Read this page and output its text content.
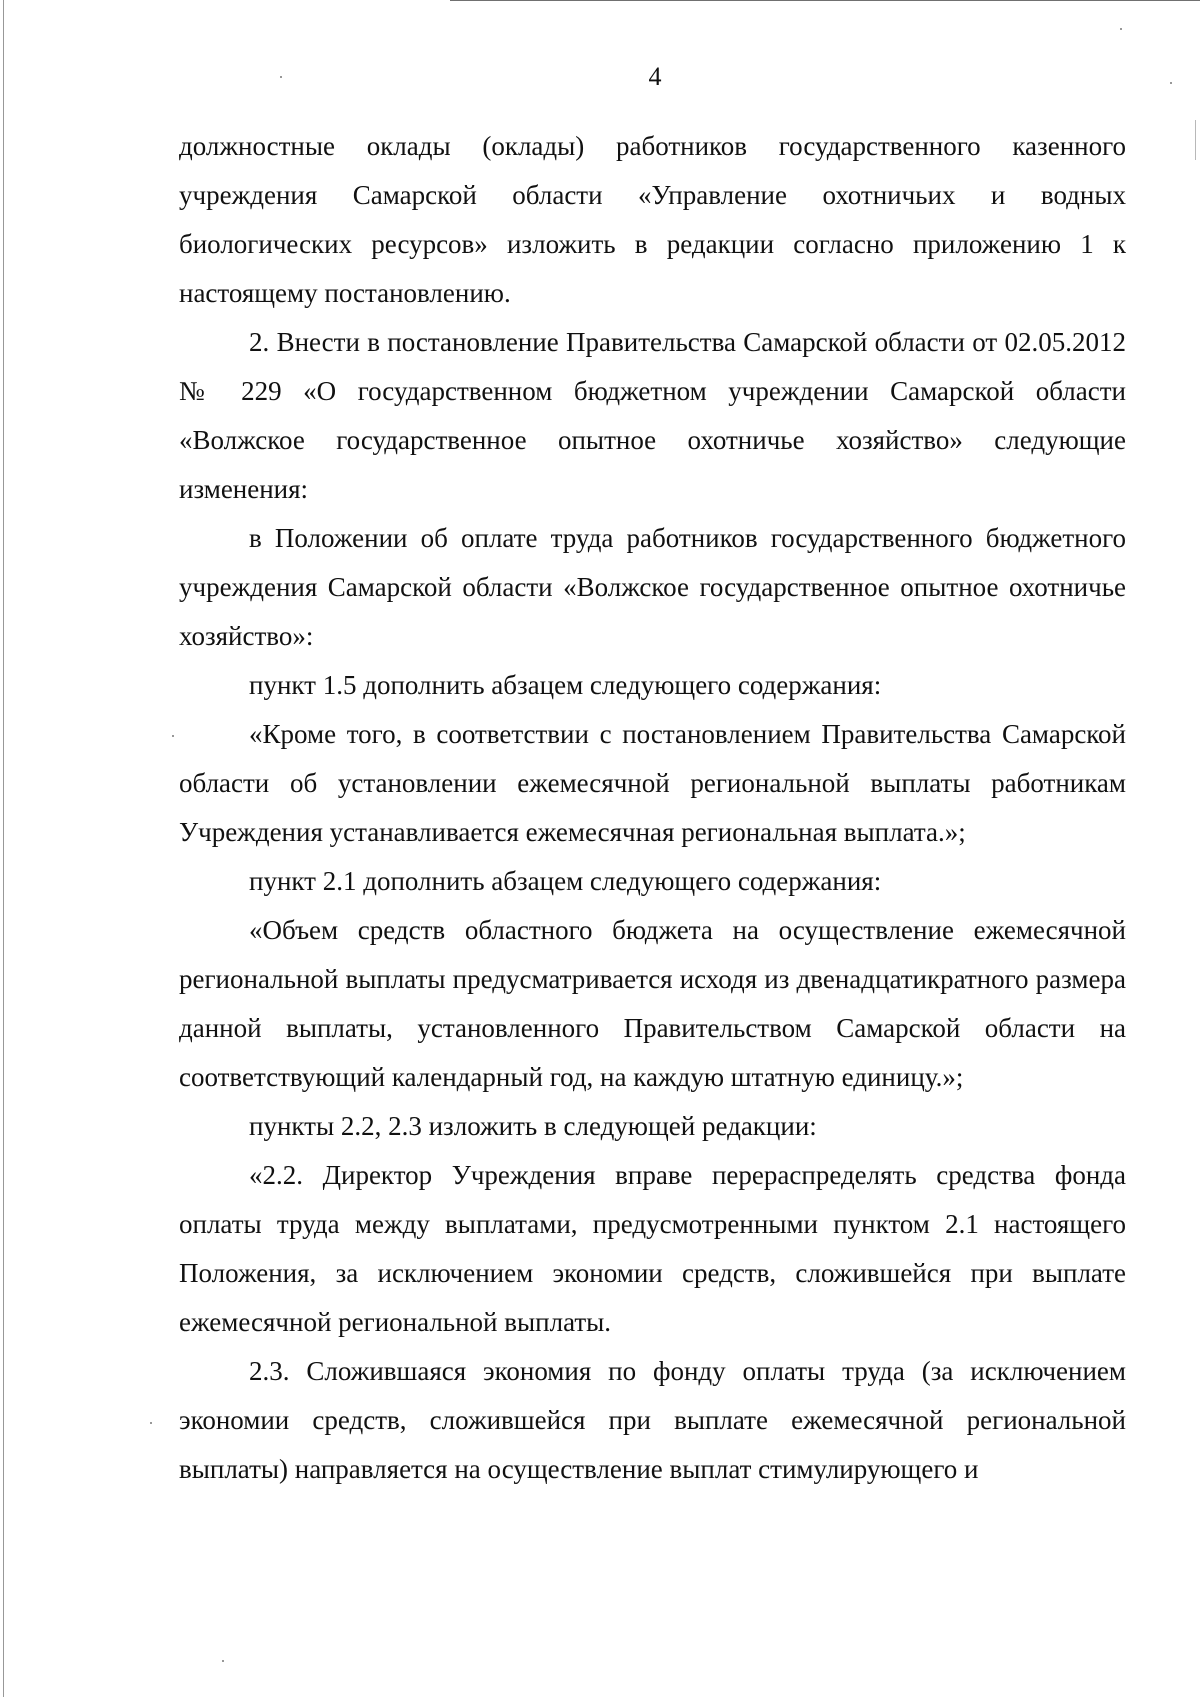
4

должностные оклады (оклады) работников государственного казенного учреждения Самарской области «Управление охотничьих и водных биологических ресурсов» изложить в редакции согласно приложению 1 к настоящему постановлению.

2. Внести в постановление Правительства Самарской области от 02.05.2012 № 229 «О государственном бюджетном учреждении Самарской области «Волжское государственное опытное охотничье хозяйство» следующие изменения:

в Положении об оплате труда работников государственного бюджетного учреждения Самарской области «Волжское государственное опытное охотничье хозяйство»:

пункт 1.5 дополнить абзацем следующего содержания:

«Кроме того, в соответствии с постановлением Правительства Самарской области об установлении ежемесячной региональной выплаты работникам Учреждения устанавливается ежемесячная региональная выплата.»;

пункт 2.1 дополнить абзацем следующего содержания:

«Объем средств областного бюджета на осуществление ежемесячной региональной выплаты предусматривается исходя из двенадцатикратного размера данной выплаты, установленного Правительством Самарской области на соответствующий календарный год, на каждую штатную единицу.»;

пункты 2.2, 2.3 изложить в следующей редакции:

«2.2. Директор Учреждения вправе перераспределять средства фонда оплаты труда между выплатами, предусмотренными пунктом 2.1 настоящего Положения, за исключением экономии средств, сложившейся при выплате ежемесячной региональной выплаты.

2.3. Сложившаяся экономия по фонду оплаты труда (за исключением экономии средств, сложившейся при выплате ежемесячной региональной выплаты) направляется на осуществление выплат стимулирующего и
